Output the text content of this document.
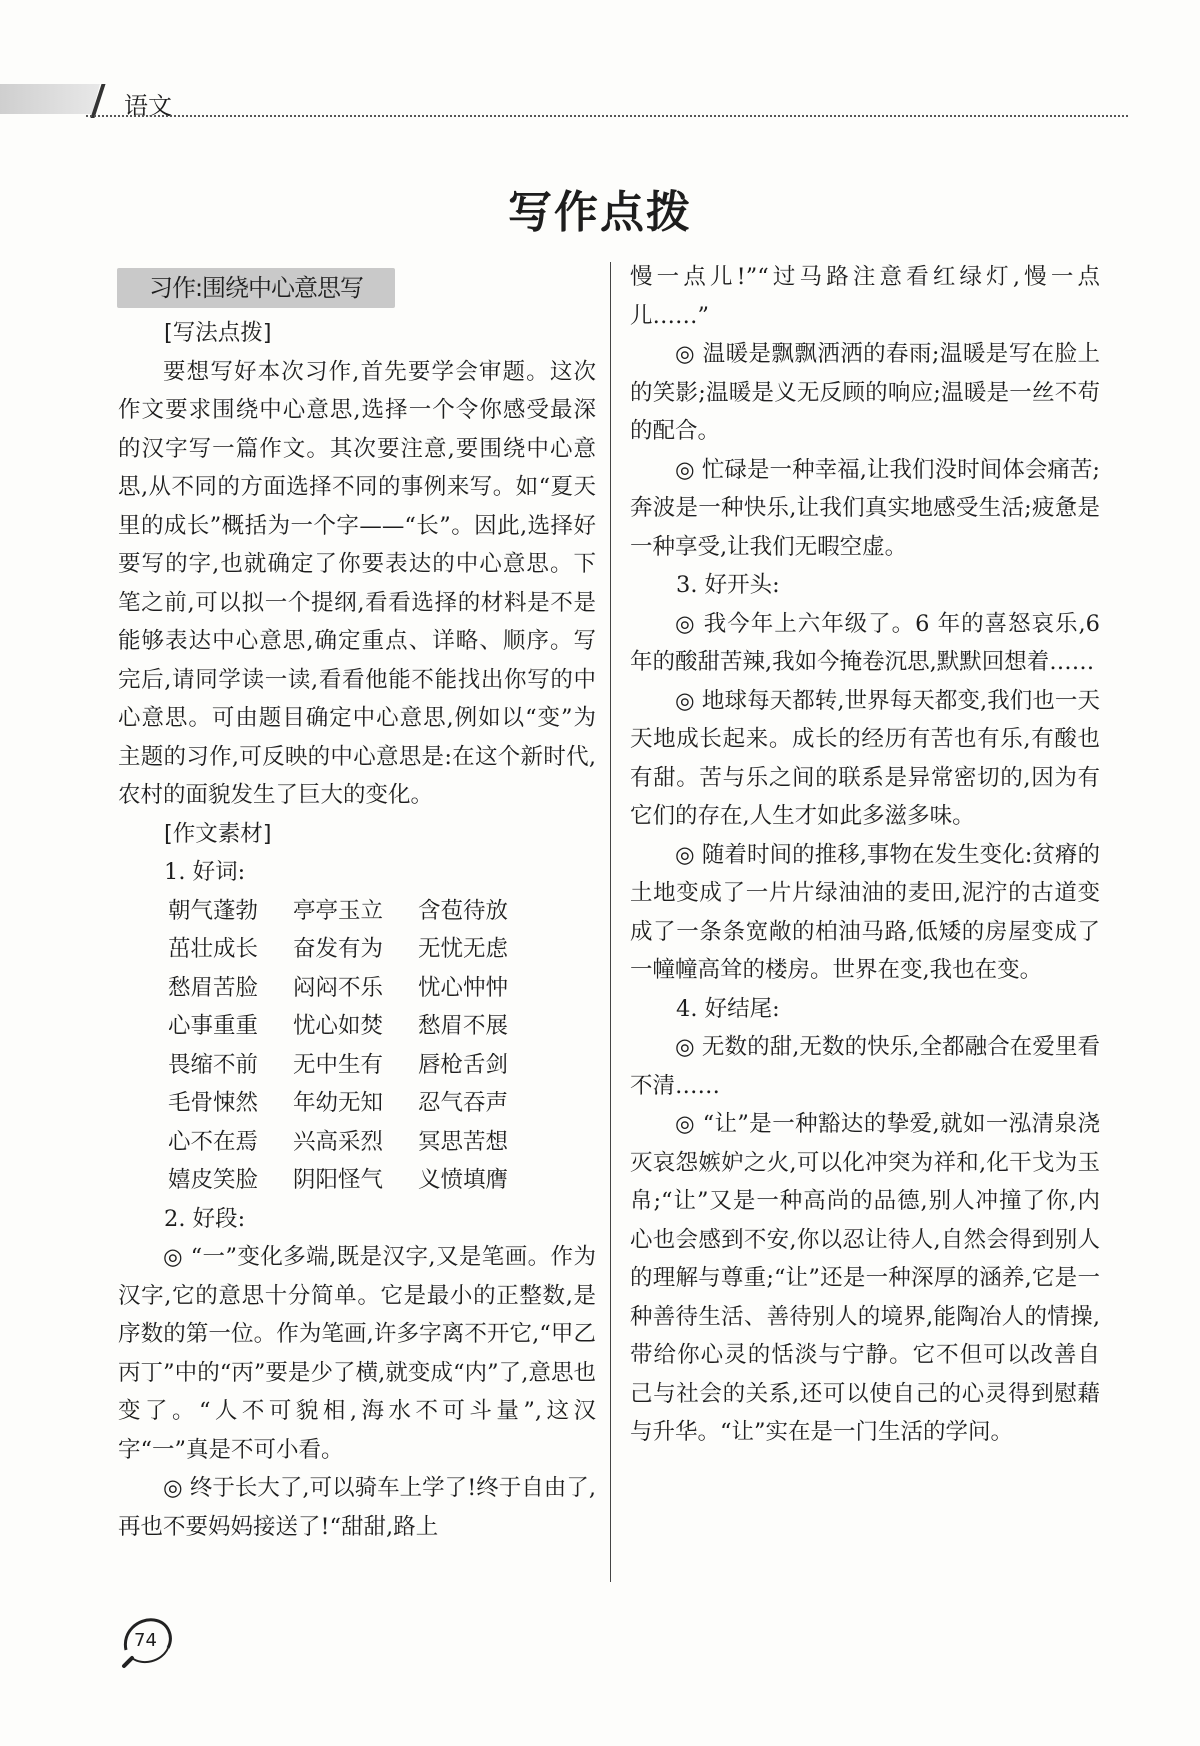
语文
写作点拨
习作:围绕中心意思写

[写法点拨]

要想写好本次习作,首先要学会审题。这次作文要求围绕中心意思,选择一个令你感受最深的汉字写一篇作文。其次要注意,要围绕中心意思,从不同的方面选择不同的事例来写。如“夏天里的成长”概括为一个字——“长”。因此,选择好要写的字,也就确定了你要表达的中心意思。下笔之前,可以拟一个提纲,看看选择的材料是不是能够表达中心意思,确定重点、详略、顺序。写完后,请同学读一读,看看他能不能找出你写的中心意思。可由题目确定中心意思,例如以“变”为主题的习作,可反映的中心意思是:在这个新时代,农村的面貌发生了巨大的变化。

[作文素材]

1. 好词:

朝气蓬勃	亭亭玉立	含苞待放
茁壮成长	奋发有为	无忧无虑
愁眉苦脸	闷闷不乐	忧心忡忡
心事重重	忧心如焚	愁眉不展
畏缩不前	无中生有	唇枪舌剑
毛骨悚然	年幼无知	忍气吞声
心不在焉	兴高采烈	冥思苦想
嬉皮笑脸	阴阳怪气	义愤填膺

2. 好段:

◎ “一”变化多端,既是汉字,又是笔画。作为汉字,它的意思十分简单。它是最小的正整数,是序数的第一位。作为笔画,许多字离不开它,“甲乙丙丁”中的“丙”要是少了横,就变成“内”了,意思也变了。“人不可貌相,海水不可斗量”,这汉字“一”真是不可小看。

◎ 终于长大了,可以骑车上学了!终于自由了,再也不要妈妈接送了!“甜甜,路上

慢一点儿!”“过马路注意看红绿灯,慢一点儿……”

◎ 温暖是飘飘洒洒的春雨;温暖是写在脸上的笑影;温暖是义无反顾的响应;温暖是一丝不苟的配合。

◎ 忙碌是一种幸福,让我们没时间体会痛苦;奔波是一种快乐,让我们真实地感受生活;疲惫是一种享受,让我们无暇空虚。

3. 好开头:

◎ 我今年上六年级了。6 年的喜怒哀乐,6 年的酸甜苦辣,我如今掩卷沉思,默默回想着……

◎ 地球每天都转,世界每天都变,我们也一天天地成长起来。成长的经历有苦也有乐,有酸也有甜。苦与乐之间的联系是异常密切的,因为有它们的存在,人生才如此多滋多味。

◎ 随着时间的推移,事物在发生变化:贫瘠的土地变成了一片片绿油油的麦田,泥泞的古道变成了一条条宽敞的柏油马路,低矮的房屋变成了一幢幢高耸的楼房。世界在变,我也在变。

4. 好结尾:

◎ 无数的甜,无数的快乐,全都融合在爱里看不清……

◎ “让”是一种豁达的挚爱,就如一泓清泉浇灭哀怨嫉妒之火,可以化冲突为祥和,化干戈为玉帛;“让”又是一种高尚的品德,别人冲撞了你,内心也会感到不安,你以忍让待人,自然会得到别人的理解与尊重;“让”还是一种深厚的涵养,它是一种善待生活、善待别人的境界,能陶冶人的情操,带给你心灵的恬淡与宁静。它不但可以改善自己与社会的关系,还可以使自己的心灵得到慰藉与升华。“让”实在是一门生活的学问。

74
